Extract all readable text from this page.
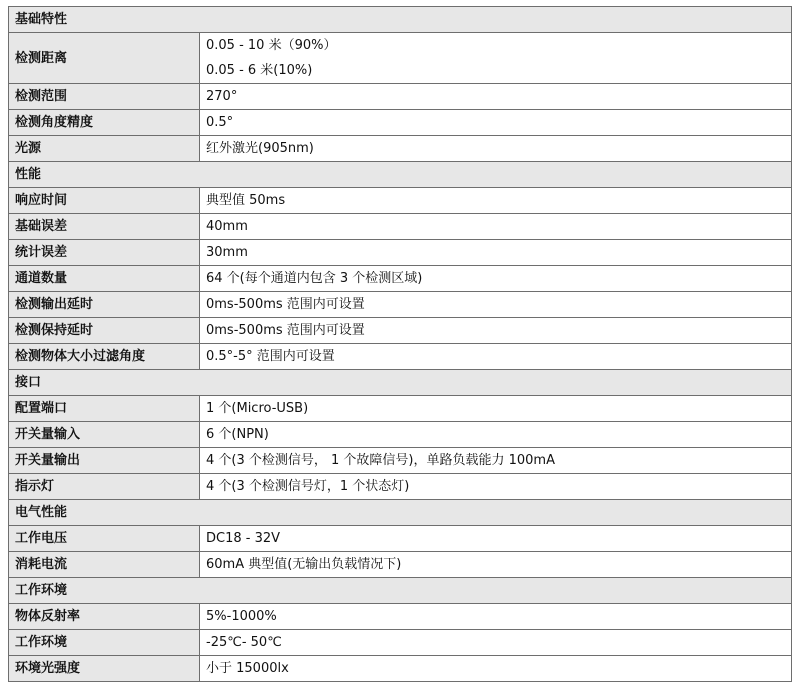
基础特性	
检测距离	0.05 - 10 米（90%）
0.05 - 6 米(10%)

检测范围	270°

检测角度精度	0.5°

光源	红外激光(905nm)

性能	
响应时间	典型值 50ms

基础误差	40mm

统计误差	30mm

通道数量	64 个(每个通道内包含 3 个检测区域)

检测输出延时	0ms-500ms 范围内可设置

检测保持延时	0ms-500ms 范围内可设置

检测物体大小过滤角度	0.5°-5° 范围内可设置

接口	
配置端口	1 个(Micro-USB)

开关量输入	6 个(NPN)

开关量输出	4 个(3 个检测信号， 1 个故障信号)，单路负载能力 100mA

指示灯	4 个(3 个检测信号灯，1 个状态灯)

电气性能	
工作电压	DC18 - 32V

消耗电流	60mA 典型值(无输出负载情况下)

工作环境	
物体反射率	5%-1000%

工作环境	-25℃- 50℃

环境光强度	小于 15000lx
